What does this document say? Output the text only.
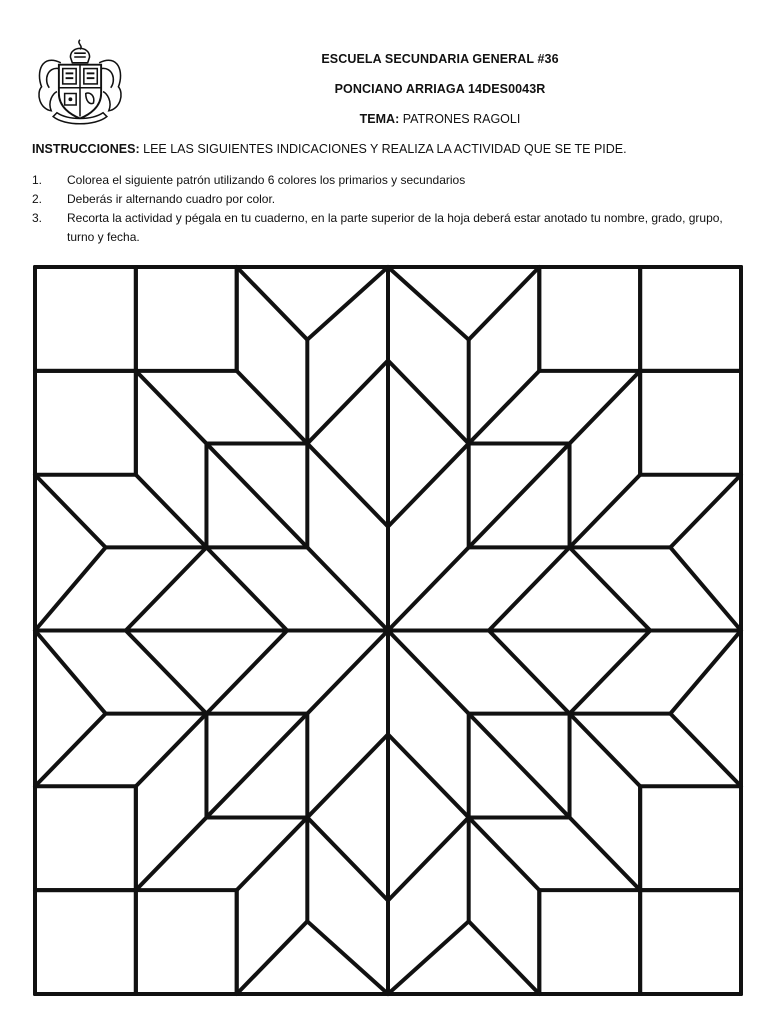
ESCUELA SECUNDARIA GENERAL #36
PONCIANO ARRIAGA 14DES0043R
TEMA: PATRONES RAGOLI
INSTRUCCIONES: LEE LAS SIGUIENTES INDICACIONES Y REALIZA LA ACTIVIDAD QUE SE TE PIDE.
1.	Colorea el siguiente patrón utilizando 6 colores los primarios y secundarios
2.	Deberás ir alternando cuadro por color.
3.	Recorta la actividad y pégala en tu cuaderno, en la parte superior de la hoja deberá estar anotado tu nombre, grado, grupo, turno y fecha.
